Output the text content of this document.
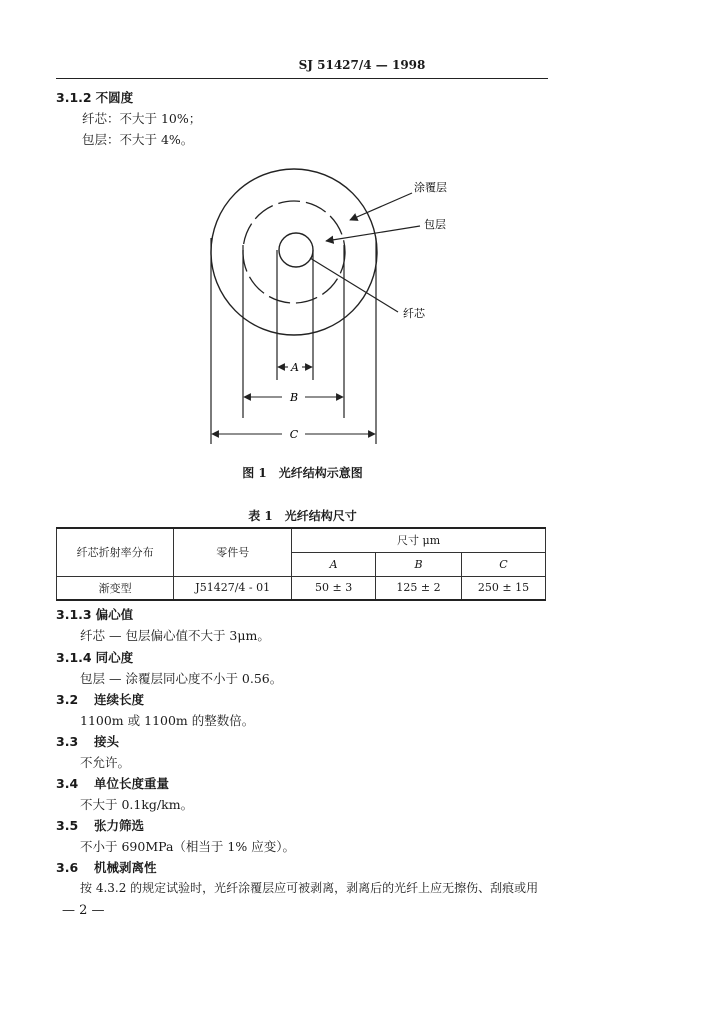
SJ 51427/4 — 1998
3.1.2 不圆度
纤芯：不大于 10%；
包层：不大于 4%。
A
B
C
涂覆层
包层
纤芯
图 1　光纤结构示意图
表 1　光纤结构尺寸
纤芯折射率分布	零件号	尺寸 μm		
		A	B	C
渐变型	J51427/4 - 01	50 ± 3	125 ± 2	250 ± 15
3.1.3 偏心值
纤芯 — 包层偏心值不大于 3μm。
3.1.4 同心度
包层 — 涂覆层同心度不小于 0.56。
3.2 连续长度
1100m 或 1100m 的整数倍。
3.3 接头
不允许。
3.4 单位长度重量
不大于 0.1kg/km。
3.5 张力筛选
不小于 690MPa（相当于 1% 应变）。
3.6 机械剥离性
按 4.3.2 的规定试验时，光纤涂覆层应可被剥离，剥离后的光纤上应无擦伤、刮痕或用
— 2 —
